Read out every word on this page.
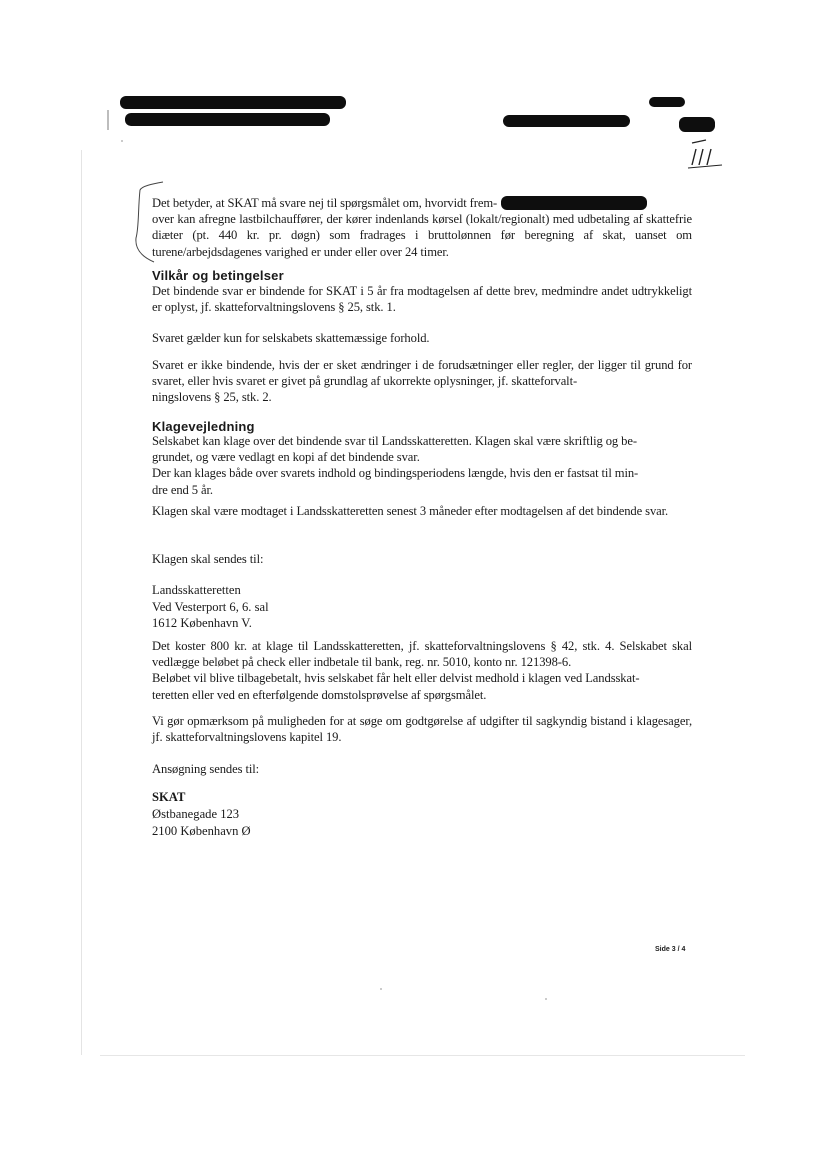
Det betyder, at SKAT må svare nej til spørgsmålet om, hvorvidt frem-
over kan afregne lastbilchauffører, der kører indenlands kørsel (lokalt/regionalt) med udbetaling af skattefrie diæter (pt. 440 kr. pr. døgn) som fradrages i bruttolønnen før beregning af skat, uanset om turene/arbejdsdagenes varighed er under eller over 24 timer.
Vilkår og betingelser
Det bindende svar er bindende for SKAT i 5 år fra modtagelsen af dette brev, medmindre andet udtrykkeligt er oplyst, jf. skatteforvaltningslovens § 25, stk. 1.
Svaret gælder kun for selskabets skattemæssige forhold.
Svaret er ikke bindende, hvis der er sket ændringer i de forudsætninger eller regler, der ligger til grund for svaret, eller hvis svaret er givet på grundlag af ukorrekte oplysninger, jf. skatteforvalt-
ningslovens § 25, stk. 2.
Klagevejledning
Selskabet kan klage over det bindende svar til Landsskatteretten. Klagen skal være skriftlig og be-
grundet, og være vedlagt en kopi af det bindende svar.
Der kan klages både over svarets indhold og bindingsperiodens længde, hvis den er fastsat til min-
dre end 5 år.
Klagen skal være modtaget i Landsskatteretten senest 3 måneder efter modtagelsen af det bindende svar.
Klagen skal sendes til:
Landsskatteretten
Ved Vesterport 6, 6. sal
1612 København V.
Det koster 800 kr. at klage til Landsskatteretten, jf. skatteforvaltningslovens § 42, stk. 4. Selskabet skal vedlægge beløbet på check eller indbetale til bank, reg. nr. 5010, konto nr. 121398-6.
Beløbet vil blive tilbagebetalt, hvis selskabet får helt eller delvist medhold i klagen ved Landsskat-
teretten eller ved en efterfølgende domstolsprøvelse af spørgsmålet.
Vi gør opmærksom på muligheden for at søge om godtgørelse af udgifter til sagkyndig bistand i klagesager, jf. skatteforvaltningslovens kapitel 19.
Ansøgning sendes til:
SKAT
Østbanegade 123
2100 København Ø
Side 3 / 4
